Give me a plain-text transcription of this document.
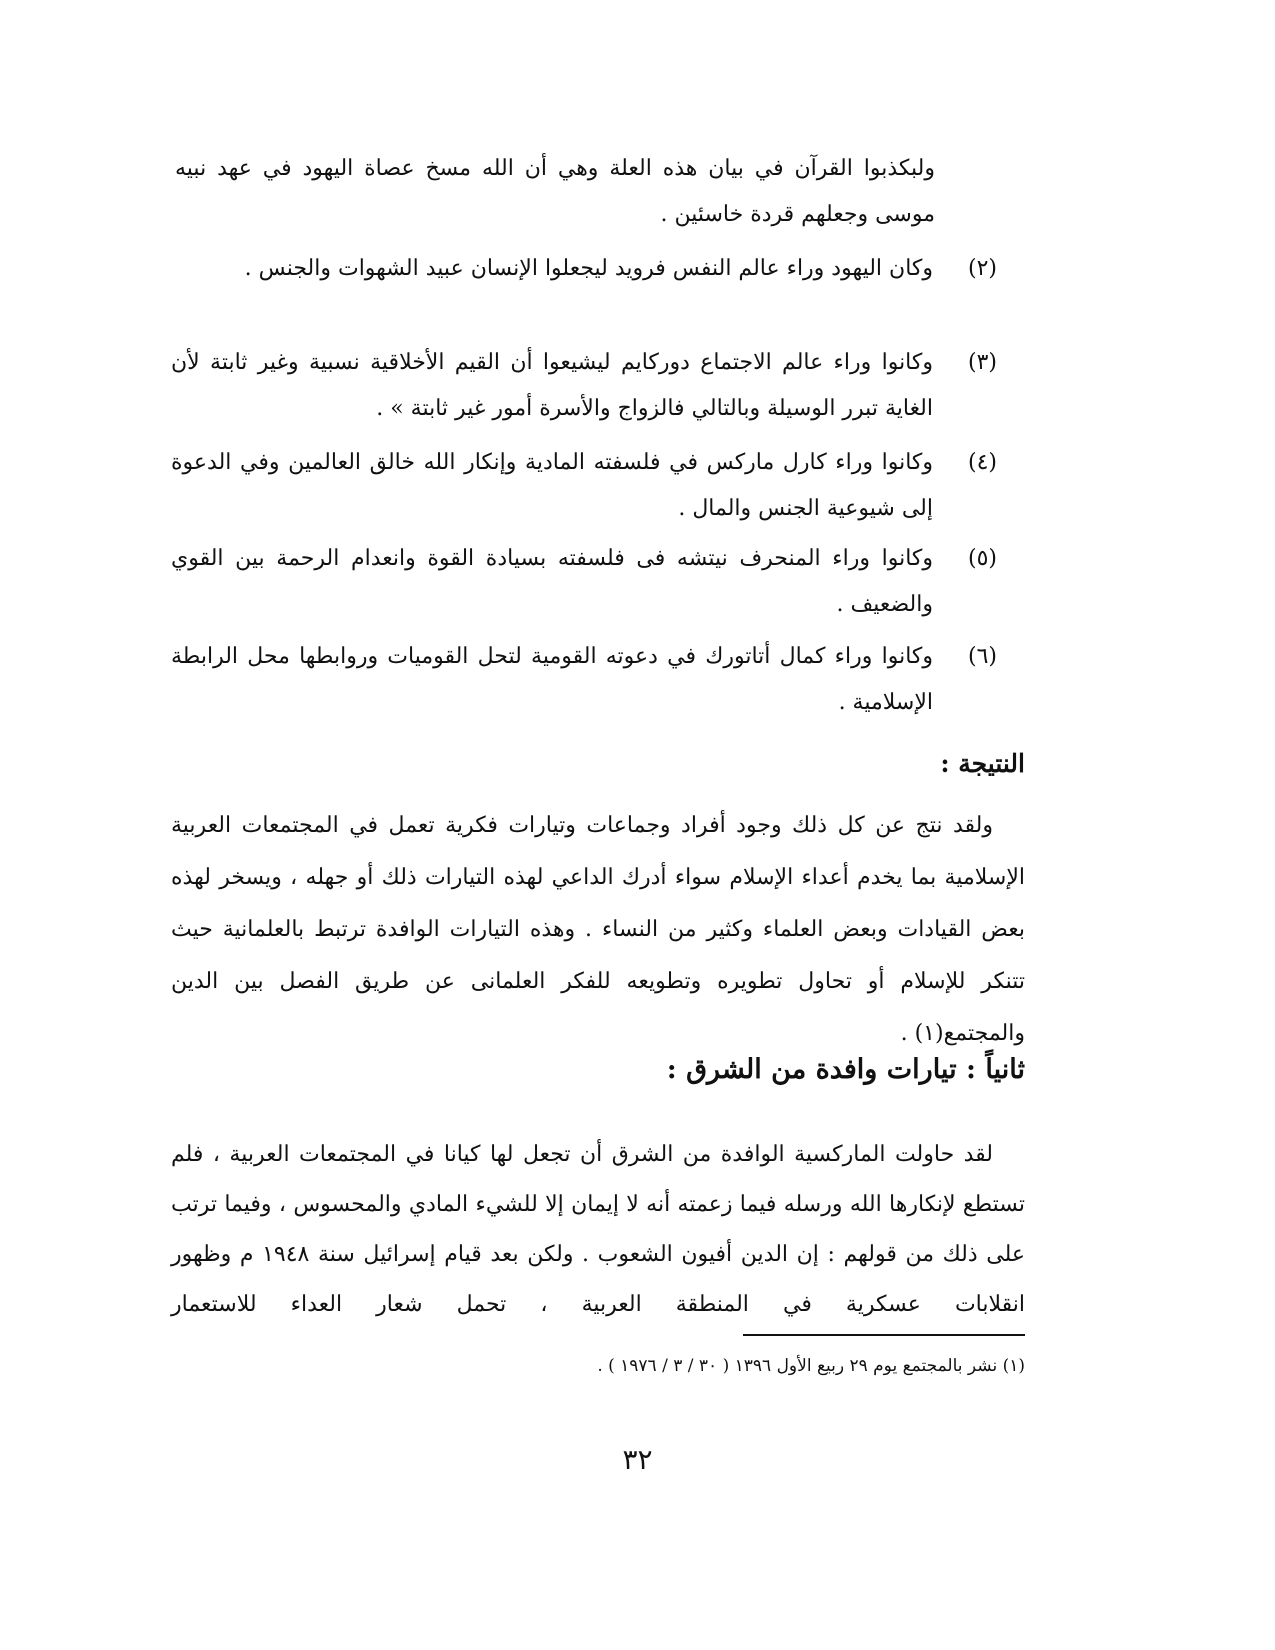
ولبكذبوا القرآن في بيان هذه العلة وهي أن الله مسخ عصاة اليهود في عهد نبيه موسى وجعلهم قردة خاسئين .
(٢)
وكان اليهود وراء عالم النفس فرويد ليجعلوا الإنسان عبيد الشهوات والجنس .
(٣)
وكانوا وراء عالم الاجتماع دوركايم ليشيعوا أن القيم الأخلاقية نسبية وغير ثابتة لأن الغاية تبرر الوسيلة وبالتالي فالزواج والأسرة أمور غير ثابتة » .
(٤)
وكانوا وراء كارل ماركس في فلسفته المادية وإنكار الله خالق العالمين وفي الدعوة إلى شيوعية الجنس والمال .
(٥)
وكانوا وراء المنحرف نيتشه فى فلسفته بسيادة القوة وانعدام الرحمة بين القوي والضعيف .
(٦)
وكانوا وراء كمال أتاتورك في دعوته القومية لتحل القوميات وروابطها محل الرابطة الإسلامية .
النتيجة :
ولقد نتج عن كل ذلك وجود أفراد وجماعات وتيارات فكرية تعمل في المجتمعات العربية الإسلامية بما يخدم أعداء الإسلام سواء أدرك الداعي لهذه التيارات ذلك أو جهله ، ويسخر لهذه بعض القيادات وبعض العلماء وكثير من النساء . وهذه التيارات الوافدة ترتبط بالعلمانية حيث تتنكر للإسلام أو تحاول تطويره وتطويعه للفكر العلمانى عن طريق الفصل بين الدين والمجتمع(١) .
ثانياً : تيارات وافدة من الشرق :
لقد حاولت الماركسية الوافدة من الشرق أن تجعل لها كيانا في المجتمعات العربية ، فلم تستطع لإنكارها الله ورسله فيما زعمته أنه لا إيمان إلا للشيء المادي والمحسوس ، وفيما ترتب على ذلك من قولهم : إن الدين أفيون الشعوب . ولكن بعد قيام إسرائيل سنة ١٩٤٨ م وظهور انقلابات عسكرية في المنطقة العربية ، تحمل شعار العداء للاستعمار
(١) نشر بالمجتمع يوم ٢٩ ربيع الأول ١٣٩٦ ( ٣٠ / ٣ / ١٩٧٦ ) .
٣٢
